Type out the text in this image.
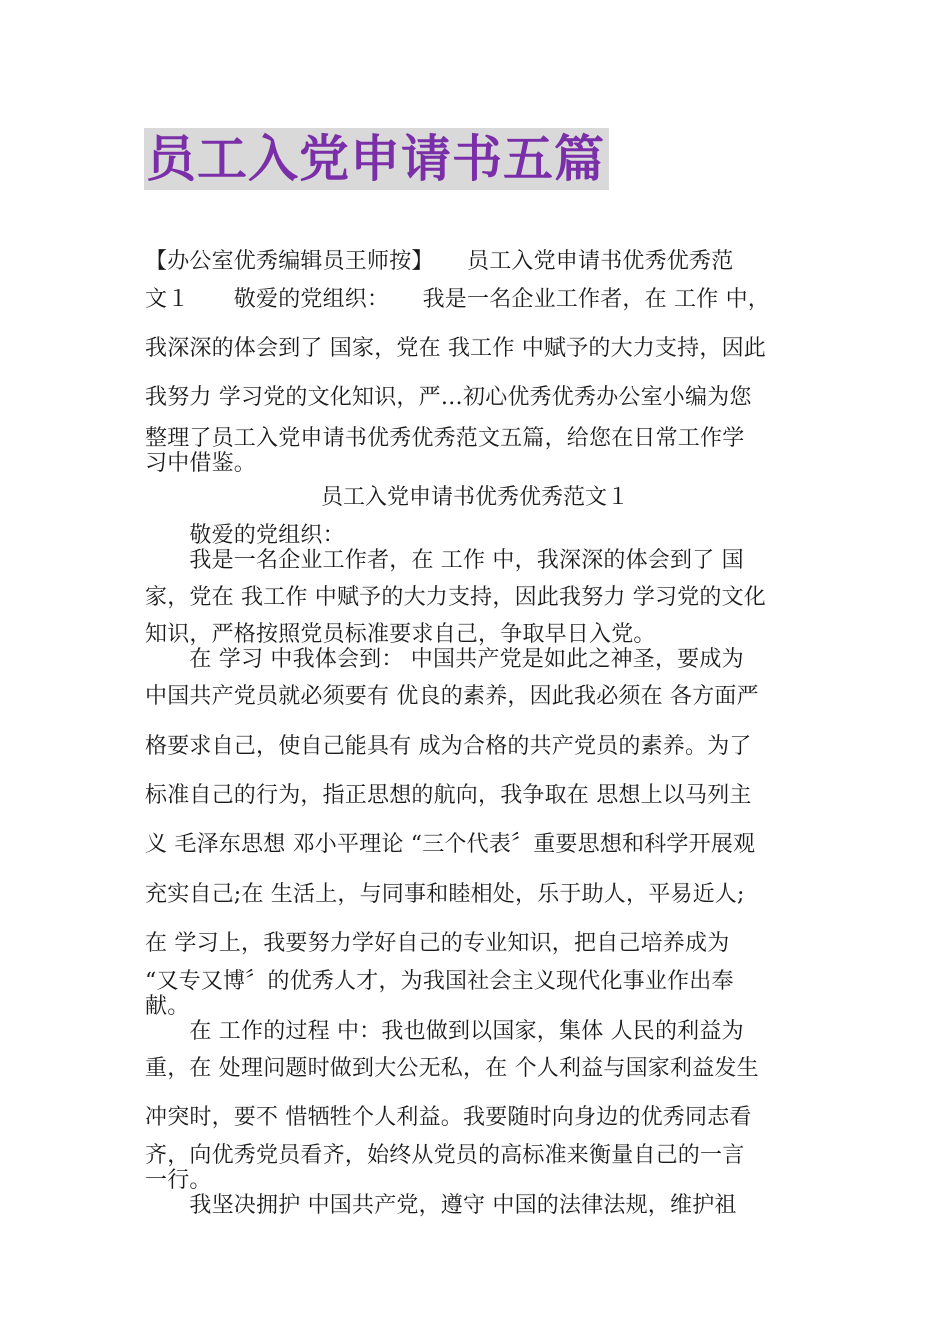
员工入党申请书五篇
【办公室优秀编辑员王师按】　　员工入党申请书优秀优秀范
文１　　敬爱的党组织：　　我是一名企业工作者，在 工作 中，
我深深的体会到了 国家，党在 我工作 中赋予的大力支持，因此
我努力 学习党的文化知识，严…初心优秀优秀办公室小编为您
整理了员工入党申请书优秀优秀范文五篇，给您在日常工作学
习中借鉴。
员工入党申请书优秀优秀范文１
　　敬爱的党组织：
　　我是一名企业工作者，在 工作 中，我深深的体会到了 国
家，党在 我工作 中赋予的大力支持，因此我努力 学习党的文化
知识，严格按照党员标准要求自己，争取早日入党。
　　在 学习 中我体会到： 中国共产党是如此之神圣，要成为
中国共产党员就必须要有 优良的素养，因此我必须在 各方面严
格要求自己，使自己能具有 成为合格的共产党员的素养。为了
标准自己的行为，指正思想的航向，我争取在 思想上以马列主
义 毛泽东思想 邓小平理论 “三个代表〞重要思想和科学开展观
充实自己;在 生活上，与同事和睦相处，乐于助人，平易近人;
在 学习上，我要努力学好自己的专业知识，把自己培养成为
“又专又博〞的优秀人才，为我国社会主义现代化事业作出奉
献。
　　在 工作的过程 中：我也做到以国家，集体 人民的利益为
重，在 处理问题时做到大公无私，在 个人利益与国家利益发生
冲突时，要不 惜牺牲个人利益。我要随时向身边的优秀同志看
齐，向优秀党员看齐，始终从党员的高标准来衡量自己的一言
一行。
　　我坚决拥护 中国共产党，遵守 中国的法律法规，维护祖
